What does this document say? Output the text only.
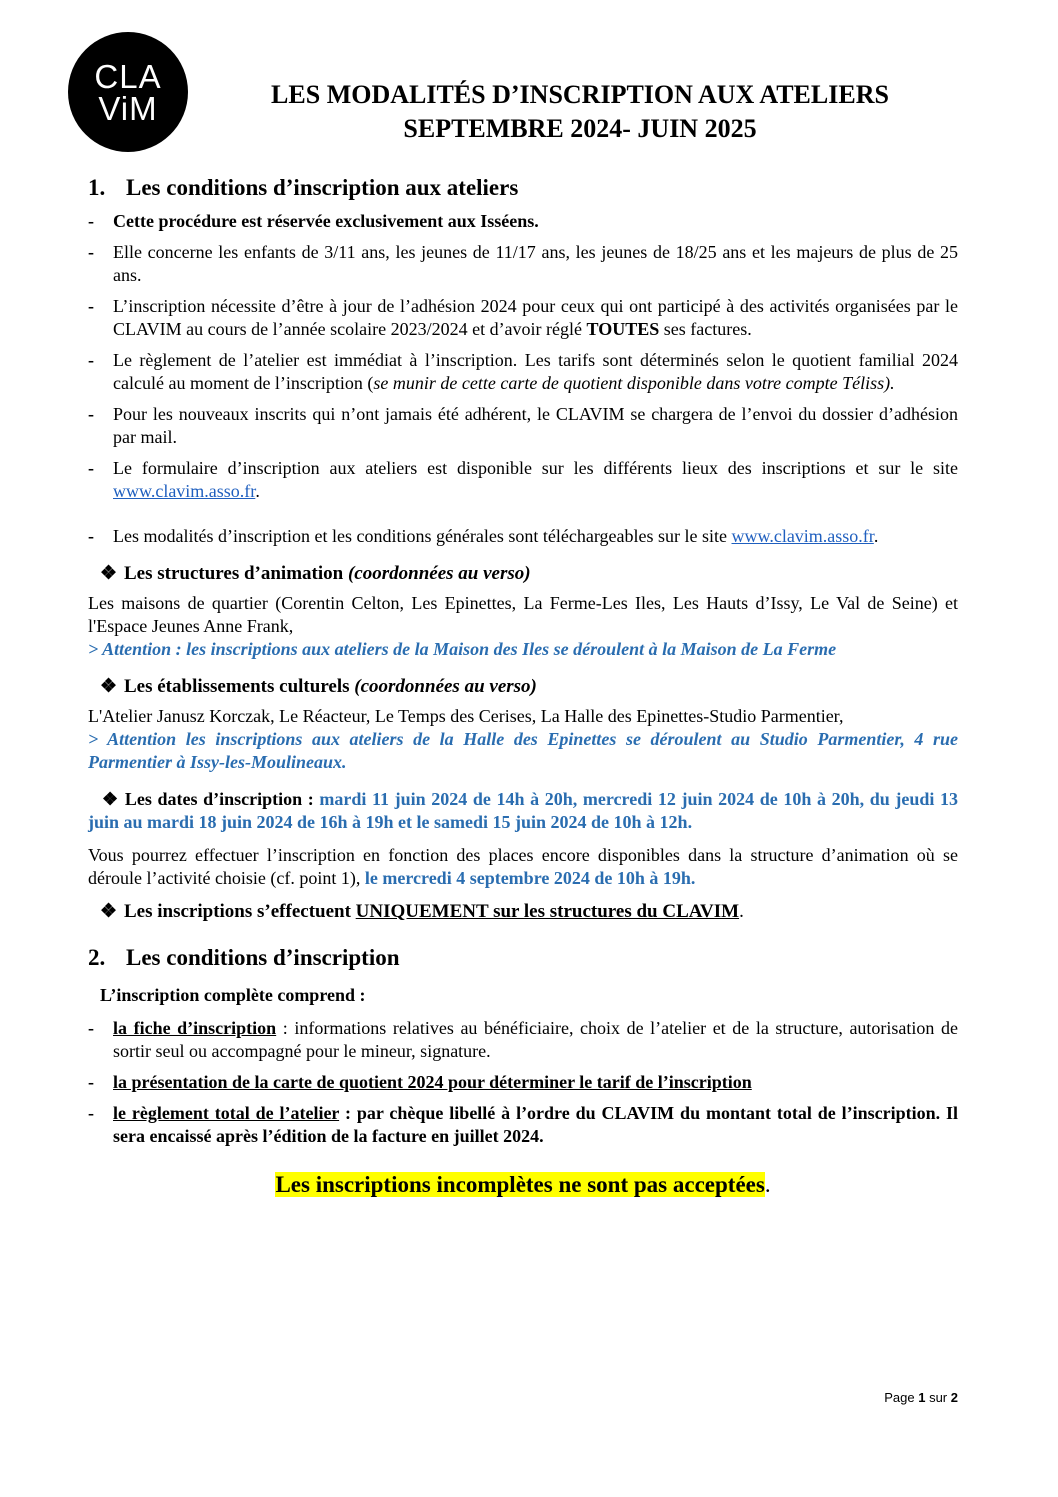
CLA
ViM	LES MODALITÉS D’INSCRIPTION AUX ATELIERS
SEPTEMBRE 2024- JUIN 2025
1. Les conditions d’inscription aux ateliers
- Cette procédure est réservée exclusivement aux Isséens.
- Elle concerne les enfants de 3/11 ans, les jeunes de 11/17 ans, les jeunes de 18/25 ans et les majeurs de plus de 25 ans.
- L’inscription nécessite d’être à jour de l’adhésion 2024 pour ceux qui ont participé à des activités organisées par le CLAVIM au cours de l’année scolaire 2023/2024 et d’avoir réglé TOUTES ses factures.
- Le règlement de l’atelier est immédiat à l’inscription. Les tarifs sont déterminés selon le quotient familial 2024 calculé au moment de l’inscription (se munir de cette carte de quotient disponible dans votre compte Téliss).
- Pour les nouveaux inscrits qui n’ont jamais été adhérent, le CLAVIM se chargera de l’envoi du dossier d’adhésion par mail.
- Le formulaire d’inscription aux ateliers est disponible sur les différents lieux des inscriptions et sur le site www.clavim.asso.fr.
- Les modalités d’inscription et les conditions générales sont téléchargeables sur le site www.clavim.asso.fr.
❖ Les structures d’animation (coordonnées au verso)
Les maisons de quartier (Corentin Celton, Les Epinettes, La Ferme-Les Iles, Les Hauts d’Issy, Le Val de Seine) et l'Espace Jeunes Anne Frank,
> Attention : les inscriptions aux ateliers de la Maison des Iles se déroulent à la Maison de La Ferme
❖ Les établissements culturels (coordonnées au verso)
L'Atelier Janusz Korczak, Le Réacteur, Le Temps des Cerises, La Halle des Epinettes-Studio Parmentier,
> Attention les inscriptions aux ateliers de la Halle des Epinettes se déroulent au Studio Parmentier, 4 rue Parmentier à Issy-les-Moulineaux.
❖ Les dates d’inscription : mardi 11 juin 2024 de 14h à 20h, mercredi 12 juin 2024 de 10h à 20h, du jeudi 13 juin au mardi 18 juin 2024 de 16h à 19h et le samedi 15 juin 2024 de 10h à 12h.
Vous pourrez effectuer l’inscription en fonction des places encore disponibles dans la structure d’animation où se déroule l’activité choisie (cf. point 1), le mercredi 4 septembre 2024 de 10h à 19h.
❖ Les inscriptions s’effectuent UNIQUEMENT sur les structures du CLAVIM.
2. Les conditions d’inscription
L’inscription complète comprend :
- la fiche d’inscription : informations relatives au bénéficiaire, choix de l’atelier et de la structure, autorisation de sortir seul ou accompagné pour le mineur, signature.
- la présentation de la carte de quotient 2024 pour déterminer le tarif de l’inscription
- le règlement total de l’atelier : par chèque libellé à l’ordre du CLAVIM du montant total de l’inscription. Il sera encaissé après l’édition de la facture en juillet 2024.
Les inscriptions incomplètes ne sont pas acceptées.
Page 1 sur 2
